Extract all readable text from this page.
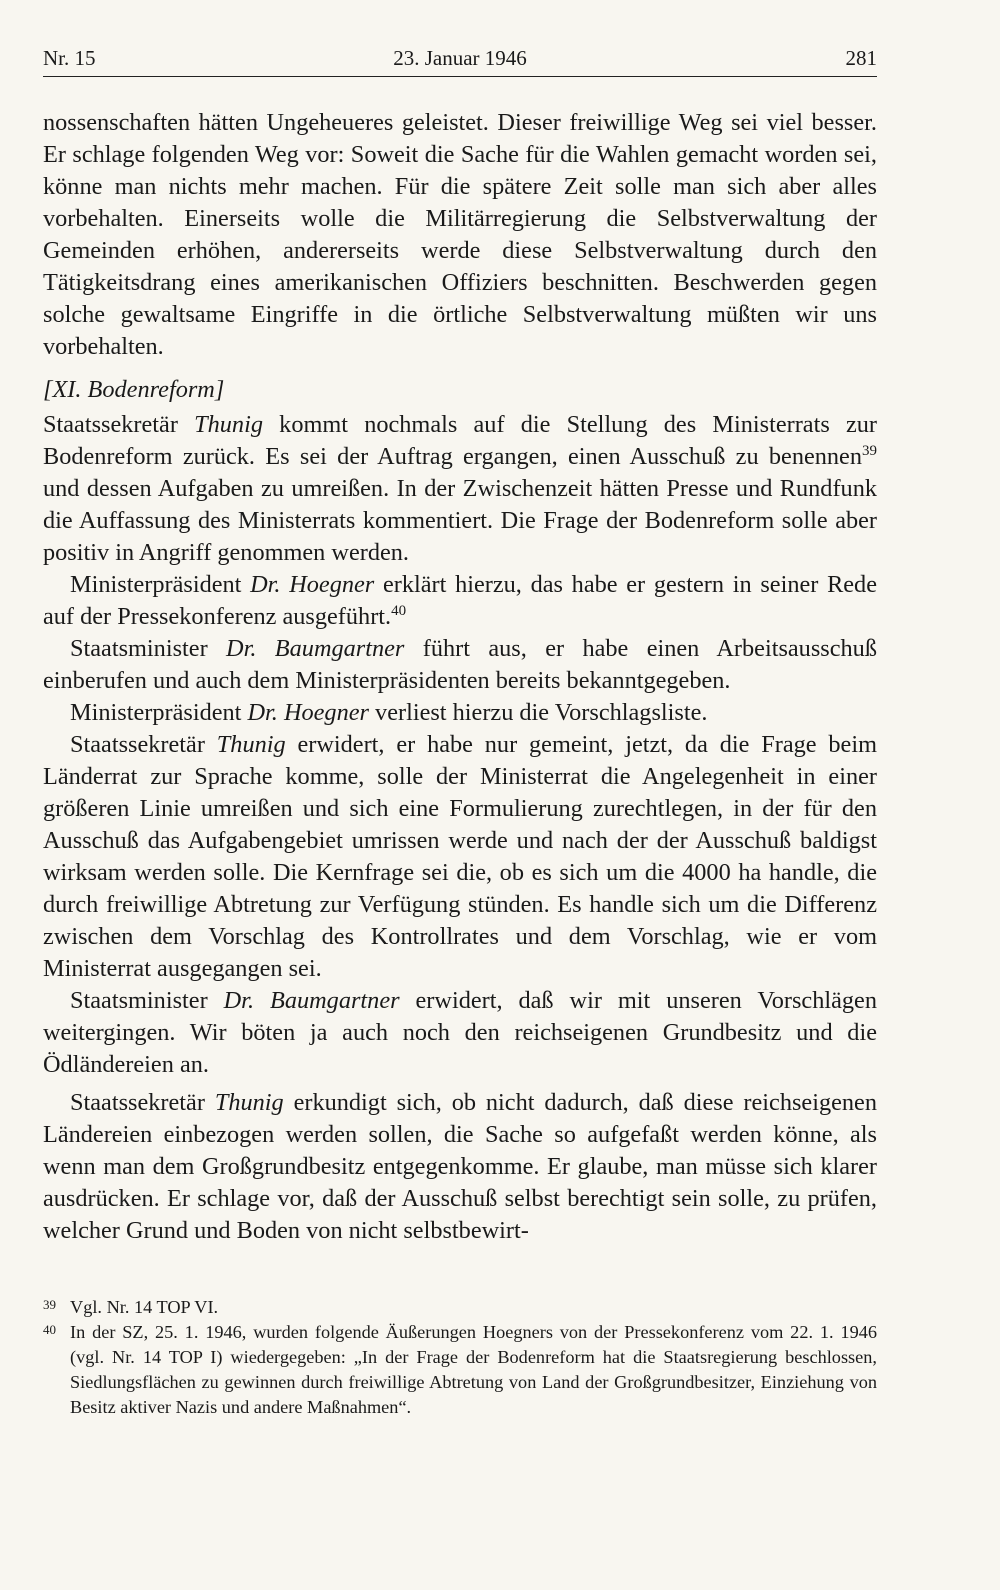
Nr. 15	23. Januar 1946	281

nossenschaften hätten Ungeheueres geleistet. Dieser freiwillige Weg sei viel besser. Er schlage folgenden Weg vor: Soweit die Sache für die Wahlen gemacht worden sei, könne man nichts mehr machen. Für die spätere Zeit solle man sich aber alles vorbehalten. Einerseits wolle die Militärregierung die Selbstverwaltung der Gemeinden erhöhen, andererseits werde diese Selbstverwaltung durch den Tätigkeitsdrang eines amerikanischen Offiziers beschnitten. Beschwerden gegen solche gewaltsame Eingriffe in die örtliche Selbstverwaltung müßten wir uns vorbehalten.

[XI. Bodenreform]

Staatssekretär Thunig kommt nochmals auf die Stellung des Ministerrats zur Bodenreform zurück. Es sei der Auftrag ergangen, einen Ausschuß zu benennen$^{39}$ und dessen Aufgaben zu umreißen. In der Zwischenzeit hätten Presse und Rundfunk die Auffassung des Ministerrats kommentiert. Die Frage der Bodenreform solle aber positiv in Angriff genommen werden.

Ministerpräsident Dr. Hoegner erklärt hierzu, das habe er gestern in seiner Rede auf der Pressekonferenz ausgeführt.$^{40}$

Staatsminister Dr. Baumgartner führt aus, er habe einen Arbeitsausschuß einberufen und auch dem Ministerpräsidenten bereits bekanntgegeben.

Ministerpräsident Dr. Hoegner verliest hierzu die Vorschlagsliste.

Staatssekretär Thunig erwidert, er habe nur gemeint, jetzt, da die Frage beim Länderrat zur Sprache komme, solle der Ministerrat die Angelegenheit in einer größeren Linie umreißen und sich eine Formulierung zurechtlegen, in der für den Ausschuß das Aufgabengebiet umrissen werde und nach der der Ausschuß baldigst wirksam werden solle. Die Kernfrage sei die, ob es sich um die 4000 ha handle, die durch freiwillige Abtretung zur Verfügung stünden. Es handle sich um die Differenz zwischen dem Vorschlag des Kontrollrates und dem Vorschlag, wie er vom Ministerrat ausgegangen sei.

Staatsminister Dr. Baumgartner erwidert, daß wir mit unseren Vorschlägen weitergingen. Wir böten ja auch noch den reichseigenen Grundbesitz und die Ödländereien an.

Staatssekretär Thunig erkundigt sich, ob nicht dadurch, daß diese reichseigenen Ländereien einbezogen werden sollen, die Sache so aufgefaßt werden könne, als wenn man dem Großgrundbesitz entgegenkomme. Er glaube, man müsse sich klarer ausdrücken. Er schlage vor, daß der Ausschuß selbst berechtigt sein solle, zu prüfen, welcher Grund und Boden von nicht selbstbewirt-

39 Vgl. Nr. 14 TOP VI.
40 In der SZ, 25. 1. 1946, wurden folgende Äußerungen Hoegners von der Pressekonferenz vom 22. 1. 1946 (vgl. Nr. 14 TOP I) wiedergegeben: „In der Frage der Bodenreform hat die Staatsregierung beschlossen, Siedlungsflächen zu gewinnen durch freiwillige Abtretung von Land der Großgrundbesitzer, Einziehung von Besitz aktiver Nazis und andere Maßnahmen“.
